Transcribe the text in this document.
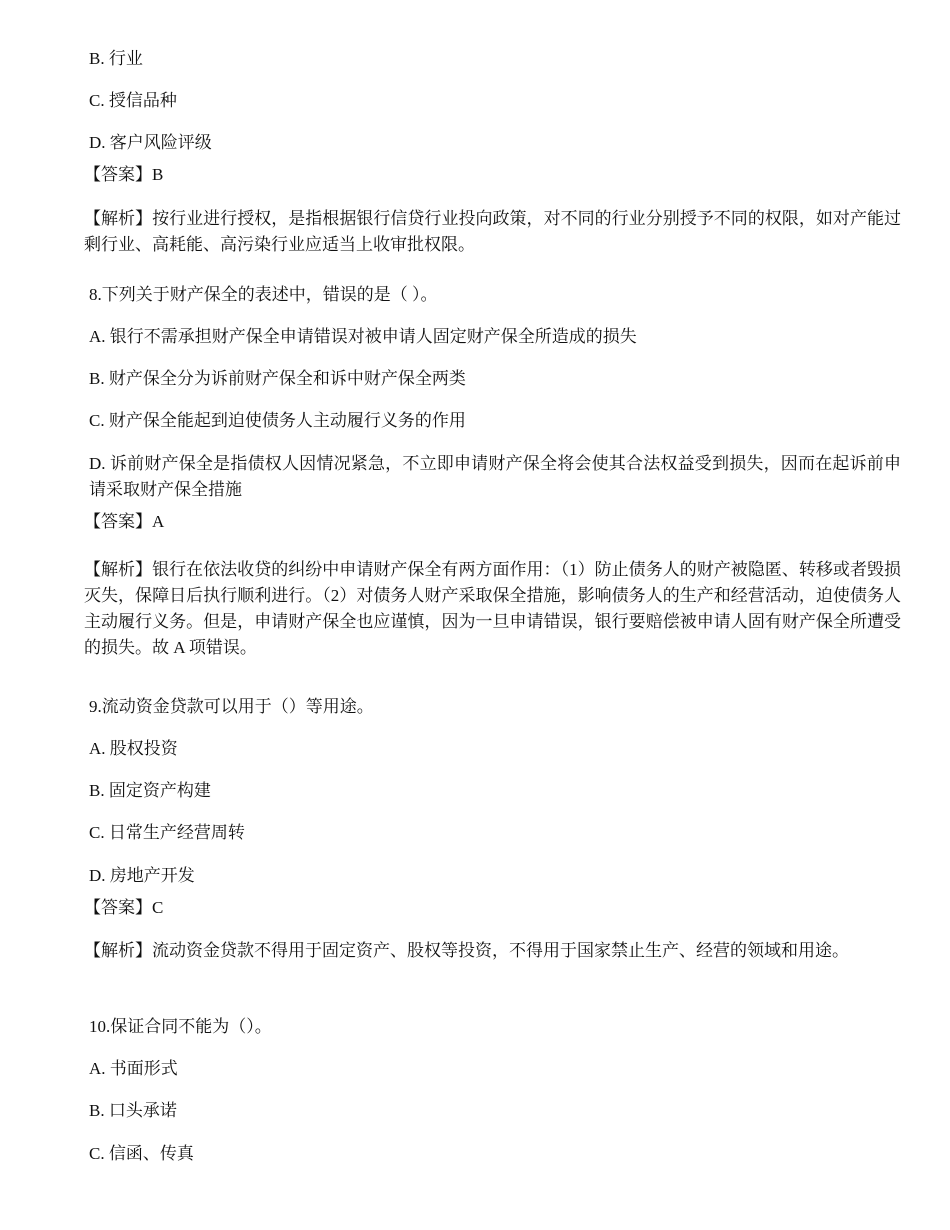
B. 行业
C. 授信品种
D. 客户风险评级
【答案】B
【解析】按行业进行授权，是指根据银行信贷行业投向政策，对不同的行业分别授予不同的权限，如对产能过剩行业、高耗能、高污染行业应适当上收审批权限。
8.下列关于财产保全的表述中，错误的是（ ）。
A. 银行不需承担财产保全申请错误对被申请人固定财产保全所造成的损失
B. 财产保全分为诉前财产保全和诉中财产保全两类
C. 财产保全能起到迫使债务人主动履行义务的作用
D. 诉前财产保全是指债权人因情况紧急，不立即申请财产保全将会使其合法权益受到损失，因而在起诉前申请采取财产保全措施
【答案】A
【解析】银行在依法收贷的纠纷中申请财产保全有两方面作用：（1）防止债务人的财产被隐匿、转移或者毁损灭失，保障日后执行顺利进行。（2）对债务人财产采取保全措施，影响债务人的生产和经营活动，迫使债务人主动履行义务。但是，申请财产保全也应谨慎，因为一旦申请错误，银行要赔偿被申请人固有财产保全所遭受的损失。故 A 项错误。
9.流动资金贷款可以用于（）等用途。
A. 股权投资
B. 固定资产构建
C. 日常生产经营周转
D. 房地产开发
【答案】C
【解析】流动资金贷款不得用于固定资产、股权等投资，不得用于国家禁止生产、经营的领域和用途。
10.保证合同不能为（）。
A. 书面形式
B. 口头承诺
C. 信函、传真
